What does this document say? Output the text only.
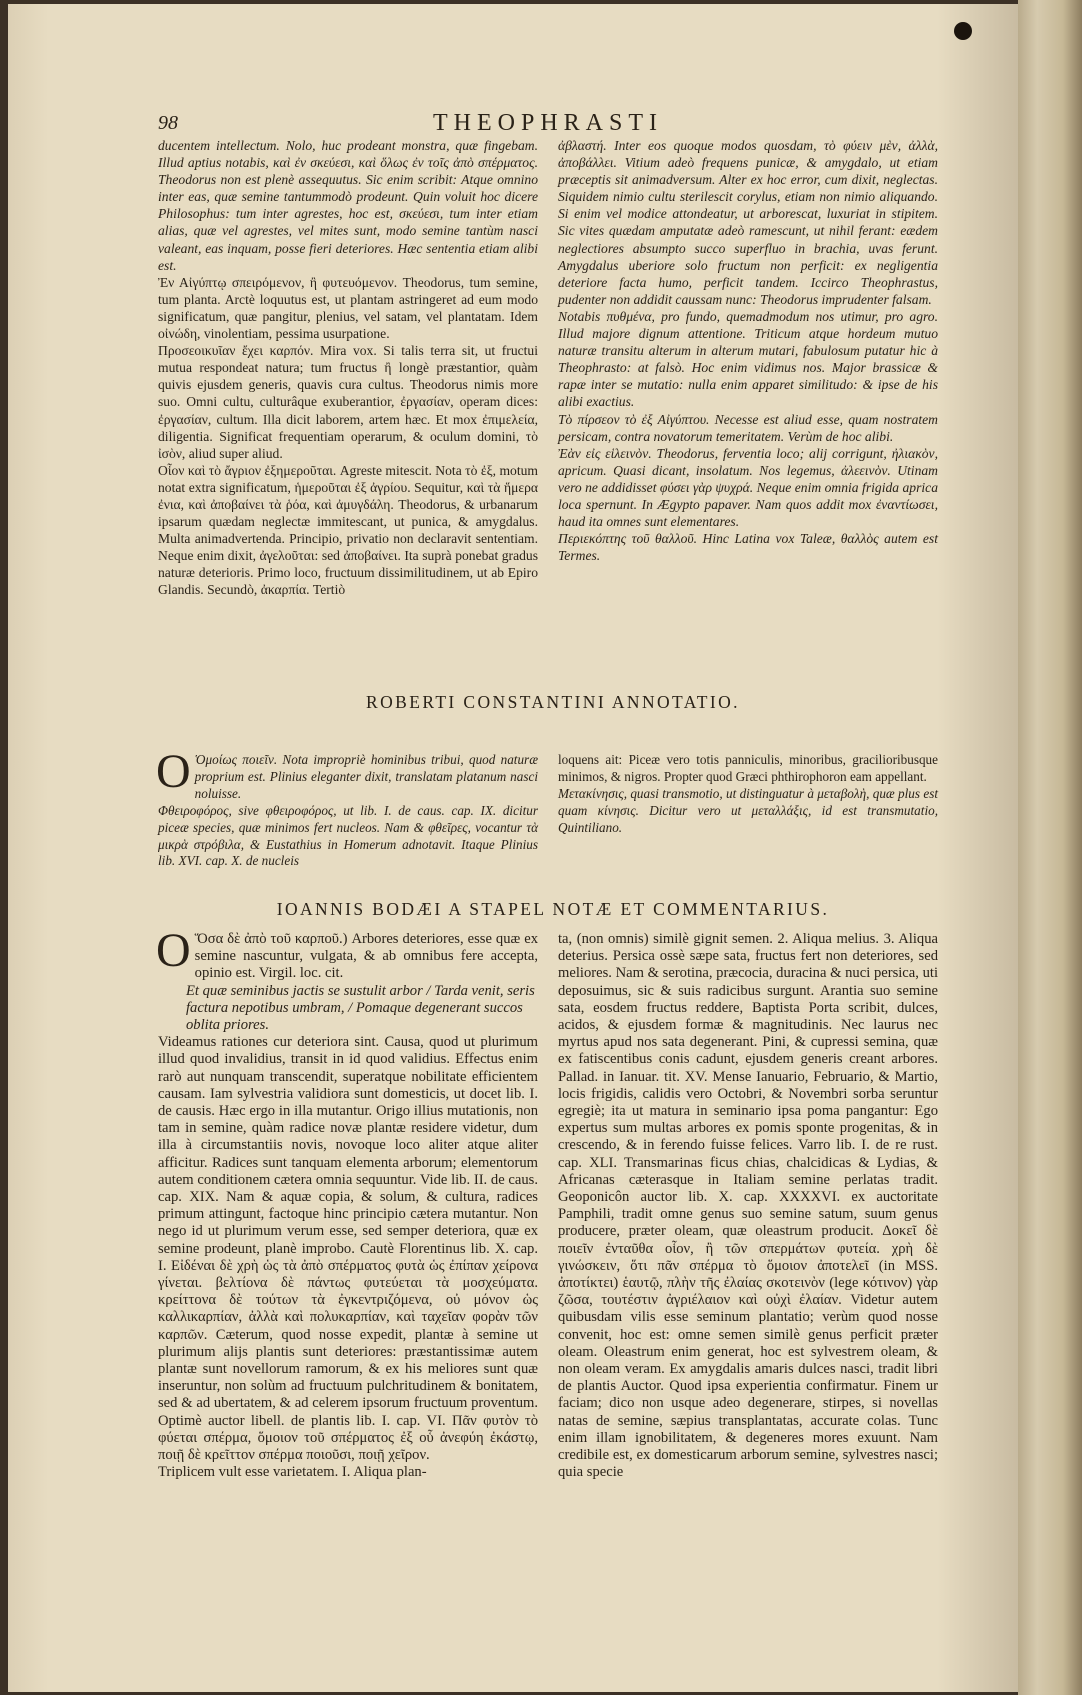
98	THEOPHRASTI

ducentem intellectum. Nolo, huc prodeant monstra, quæ fingebam. Illud aptius notabis, καὶ ἐν σκεύεσι, καὶ ὅλως ἐν τοῖς ἀπὸ σπέρματος. Theodorus non est plenè assequutus. Sic enim scribit: Atque omnino inter eas, quæ semine tantummodò prodeunt. Quin voluit hoc dicere Philosophus: tum inter agrestes, hoc est, σκεύεσι, tum inter etiam alias, quæ vel agrestes, vel mites sunt, modo semine tantùm nasci valeant, eas inquam, posse fieri deteriores. Hæc sententia etiam alibi est.

Ἐν Αἰγύπτῳ σπειρόμενον, ἢ φυτευόμενον. Theodorus, tum semine, tum planta. Arctè loquutus est, ut plantam astringeret ad eum modo significatum, quæ pangitur, plenius, vel satam, vel plantatam. Idem οἰνώδη, vinolentiam, pessima usurpatione.

Προσεοικυῖαν ἔχει καρπόν. Mira vox. Si talis terra sit, ut fructui mutua respondeat natura; tum fructus ἢ longè præstantior, quàm quivis ejusdem generis, quavis cura cultus. Theodorus nimis more suo. Omni cultu, culturâque exuberantior, ἐργασίαν, operam dices: ἐργασίαν, cultum. Illa dicit laborem, artem hæc. Et mox ἐπιμελεία, diligentia. Significat frequentiam operarum, & oculum domini, τὸ ἰσὸν, aliud super aliud.

Οἷον καὶ τὸ ἄγριον ἐξημεροῦται. Agreste mitescit. Nota τὸ ἐξ, motum notat extra significatum, ἡμεροῦται ἐξ ἀγρίου. Sequitur, καὶ τὰ ἥμερα ἐνια, καὶ ἀποβαίνει τὰ ῥόα, καὶ ἀμυγδάλη. Theodorus, & urbanarum ipsarum quædam neglectæ immitescant, ut punica, & amygdalus. Multa animadvertenda. Principio, privatio non declaravit sententiam. Neque enim dixit, ἀγελοῦται: sed ἀποβαίνει. Ita suprà ponebat gradus naturæ deterioris. Primo loco, fructuum dissimilitudinem, ut ab Epiro Glandis. Secundò, ἀκαρπία. Tertiò

ἀβλαστή. Inter eos quoque modos quosdam, τὸ φύειν μὲν, ἀλλὰ, ἀποβάλλει. Vitium adeò frequens punicæ, & amygdalo, ut etiam præceptis sit animadversum. Alter ex hoc error, cum dixit, neglectas. Siquidem nimio cultu sterilescit corylus, etiam non nimio aliquando. Si enim vel modice attondeatur, ut arborescat, luxuriat in stipitem. Sic vites quædam amputatæ adeò ramescunt, ut nihil ferant: eædem neglectiores absumpto succo superfluo in brachia, uvas ferunt. Amygdalus uberiore solo fructum non perficit: ex negligentia deteriore facta humo, perficit tandem. Iccirco Theophrastus, pudenter non addidit caussam nunc: Theodorus imprudenter falsam.

Notabis πυθμένα, pro fundo, quemadmodum nos utimur, pro agro. Illud majore dignum attentione. Triticum atque hordeum mutuo naturæ transitu alterum in alterum mutari, fabulosum putatur hic à Theophrasto: at falsò. Hoc enim vidimus nos. Major brassicæ & rapæ inter se mutatio: nulla enim apparet similitudo: & ipse de his alibi exactius.

Τὸ πίρσεον τὸ ἐξ Αἰγύπτου. Necesse est aliud esse, quam nostratem persicam, contra novatorum temeritatem. Verùm de hoc alibi.

Ἐὰν εἰς εἱλεινὸν. Theodorus, ferventia loco; alij corrigunt, ἠλιακὸν, apricum. Quasi dicant, insolatum. Nos legemus, ἀλεεινὸν. Utinam vero ne addidisset φύσει γὰρ ψυχρά. Neque enim omnia frigida aprica loca spernunt. In Ægypto papaver. Nam quos addit mox ἐναντίωσει, haud ita omnes sunt elementares.

Περιεκόπτης τοῦ θαλλοῦ. Hinc Latina vox Taleæ, θαλλὸς autem est Termes.

ROBERTI CONSTANTINI ANNOTATIO.

O Ὁμοίως ποιεῖν. Nota impropriè hominibus tribui, quod naturæ proprium est. Plinius eleganter dixit, translatam platanum nasci noluisse.

Φθειροφόρος, sive φθειροφόρος, ut lib. I. de caus. cap. IX. dicitur piceæ species, quæ minimos fert nucleos. Nam & φθεῖρες, vocantur τὰ μικρὰ στρόβιλα, & Eustathius in Homerum adnotavit. Itaque Plinius lib. XVI. cap. X. de nucleis

loquens ait: Piceæ vero totis panniculis, minoribus, gracilioribusque minimos, & nigros. Propter quod Græci phthirophoron eam appellant.

Μετακίνησις, quasi transmotio, ut distinguatur à μεταβολὴ, quæ plus est quam κίνησις. Dicitur vero ut μεταλλάξις, id est transmutatio, Quintiliano.

IOANNIS BODÆI A STAPEL NOTÆ ET COMMENTARIUS.

O Ὅσα δὲ ἀπὸ τοῦ καρποῦ.) Arbores deteriores, esse quæ ex semine nascuntur, vulgata, & ab omnibus fere accepta, opinio est. Virgil. loc. cit.

Et quæ seminibus jactis se sustulit arbor / Tarda venit, seris factura nepotibus umbram, / Pomaque degenerant succos oblita priores.

Videamus rationes cur deteriora sint. Causa, quod ut plurimum illud quod invalidius, transit in id quod validius. Effectus enim rarò aut nunquam transcendit, superatque nobilitate efficientem causam. Iam sylvestria validiora sunt domesticis, ut docet lib. I. de causis. Hæc ergo in illa mutantur. Origo illius mutationis, non tam in semine, quàm radice novæ plantæ residere videtur, dum illa à circumstantiis novis, novoque loco aliter atque aliter afficitur. Radices sunt tanquam elementa arborum; elementorum autem conditionem cætera omnia sequuntur. Vide lib. II. de caus. cap. XIX. Nam & aquæ copia, & solum, & cultura, radices primum attingunt, factoque hinc principio cætera mutantur. Non nego id ut plurimum verum esse, sed semper deteriora, quæ ex semine prodeunt, planè improbo. Cautè Florentinus lib. X. cap. I. Εἰδέναι δὲ χρὴ ὡς τὰ ἀπὸ σπέρματος φυτὰ ὡς ἐπίπαν χείρονα γίνεται. βελτίονα δὲ πάντως φυτεύεται τὰ μοσχεύματα. κρείττονα δὲ τούτων τὰ ἐγκεντριζόμενα, οὐ μόνον ὡς καλλικαρπίαν, ἀλλὰ καὶ πολυκαρπίαν, καὶ ταχεῖαν φορὰν τῶν καρπῶν. Cæterum, quod nosse expedit, plantæ à semine ut plurimum alijs plantis sunt deteriores: præstantissimæ autem plantæ sunt novellorum ramorum, & ex his meliores sunt quæ inseruntur, non solùm ad fructuum pulchritudinem & bonitatem, sed & ad ubertatem, & ad celerem ipsorum fructuum proventum. Optimè auctor libell. de plantis lib. I. cap. VI. Πᾶν φυτὸν τὸ φύεται σπέρμα, ὅμοιον τοῦ σπέρματος ἐξ οὗ ἀνεφύη ἐκάστῳ, ποιῇ δὲ κρεῖττον σπέρμα ποιοῦσι, ποιῇ χεῖρον.

Triplicem vult esse varietatem. I. Aliqua plan-

ta, (non omnis) similè gignit semen. 2. Aliqua melius. 3. Aliqua deterius. Persica ossè sæpe sata, fructus fert non deteriores, sed meliores. Nam & serotina, præcocia, duracina & nuci persica, uti deposuimus, sic & suis radicibus surgunt. Arantia suo semine sata, eosdem fructus reddere, Baptista Porta scribit, dulces, acidos, & ejusdem formæ & magnitudinis. Nec laurus nec myrtus apud nos sata degenerant. Pini, & cupressi semina, quæ ex fatiscentibus conis cadunt, ejusdem generis creant arbores. Pallad. in Ianuar. tit. XV. Mense Ianuario, Februario, & Martio, locis frigidis, calidis vero Octobri, & Novembri sorba seruntur egregiè; ita ut matura in seminario ipsa poma pangantur: Ego expertus sum multas arbores ex pomis sponte progenitas, & in crescendo, & in ferendo fuisse felices. Varro lib. I. de re rust. cap. XLI. Transmarinas ficus chias, chalcidicas & Lydias, & Africanas cæterasque in Italiam semine perlatas tradit. Geoponicôn auctor lib. X. cap. XXXXVI. ex auctoritate Pamphili, tradit omne genus suo semine satum, suum genus producere, præter oleam, quæ oleastrum producit. Δοκεῖ δὲ ποιεῖν ἐνταῦθα οἷον, ἢ τῶν σπερμάτων φυτεία. χρὴ δὲ γινώσκειν, ὅτι πᾶν σπέρμα τὸ ὅμοιον ἀποτελεῖ (in MSS. ἀποτίκτει) ἑαυτῷ, πλὴν τῆς ἐλαίας σκοτεινὸν (lege κότινον) γὰρ ζῶσα, τουτέστιν ἀγριέλαιον καὶ οὐχὶ ἐλαίαν. Videtur autem quibusdam vilis esse seminum plantatio; verùm quod nosse convenit, hoc est: omne semen similè genus perficit præter oleam. Oleastrum enim generat, hoc est sylvestrem oleam, & non oleam veram. Ex amygdalis amaris dulces nasci, tradit libri de plantis Auctor. Quod ipsa experientia confirmatur. Finem ur faciam; dico non usque adeo degenerare, stirpes, si novellas natas de semine, sæpius transplantatas, accurate colas. Tunc enim illam ignobilitatem, & degeneres mores exuunt. Nam credibile est, ex domesticarum arborum semine, sylvestres nasci; quia specie
